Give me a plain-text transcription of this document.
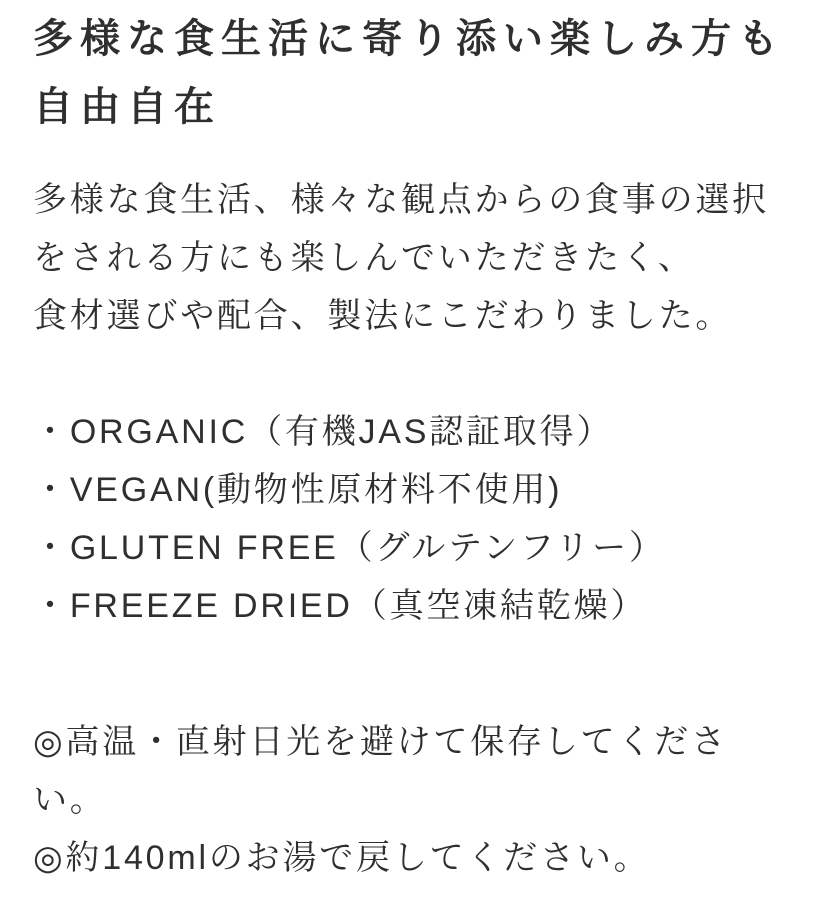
多様な食生活に寄り添い楽しみ方も自由自在

多様な食生活、様々な観点からの食事の選択をされる方にも楽しんでいただきたく、
食材選びや配合、製法にこだわりました。

・ORGANIC（有機JAS認証取得）
・VEGAN(動物性原材料不使用)
・GLUTEN FREE（グルテンフリー）
・FREEZE DRIED（真空凍結乾燥）

◎高温・直射日光を避けて保存してください。
◎約140mlのお湯で戻してください。
